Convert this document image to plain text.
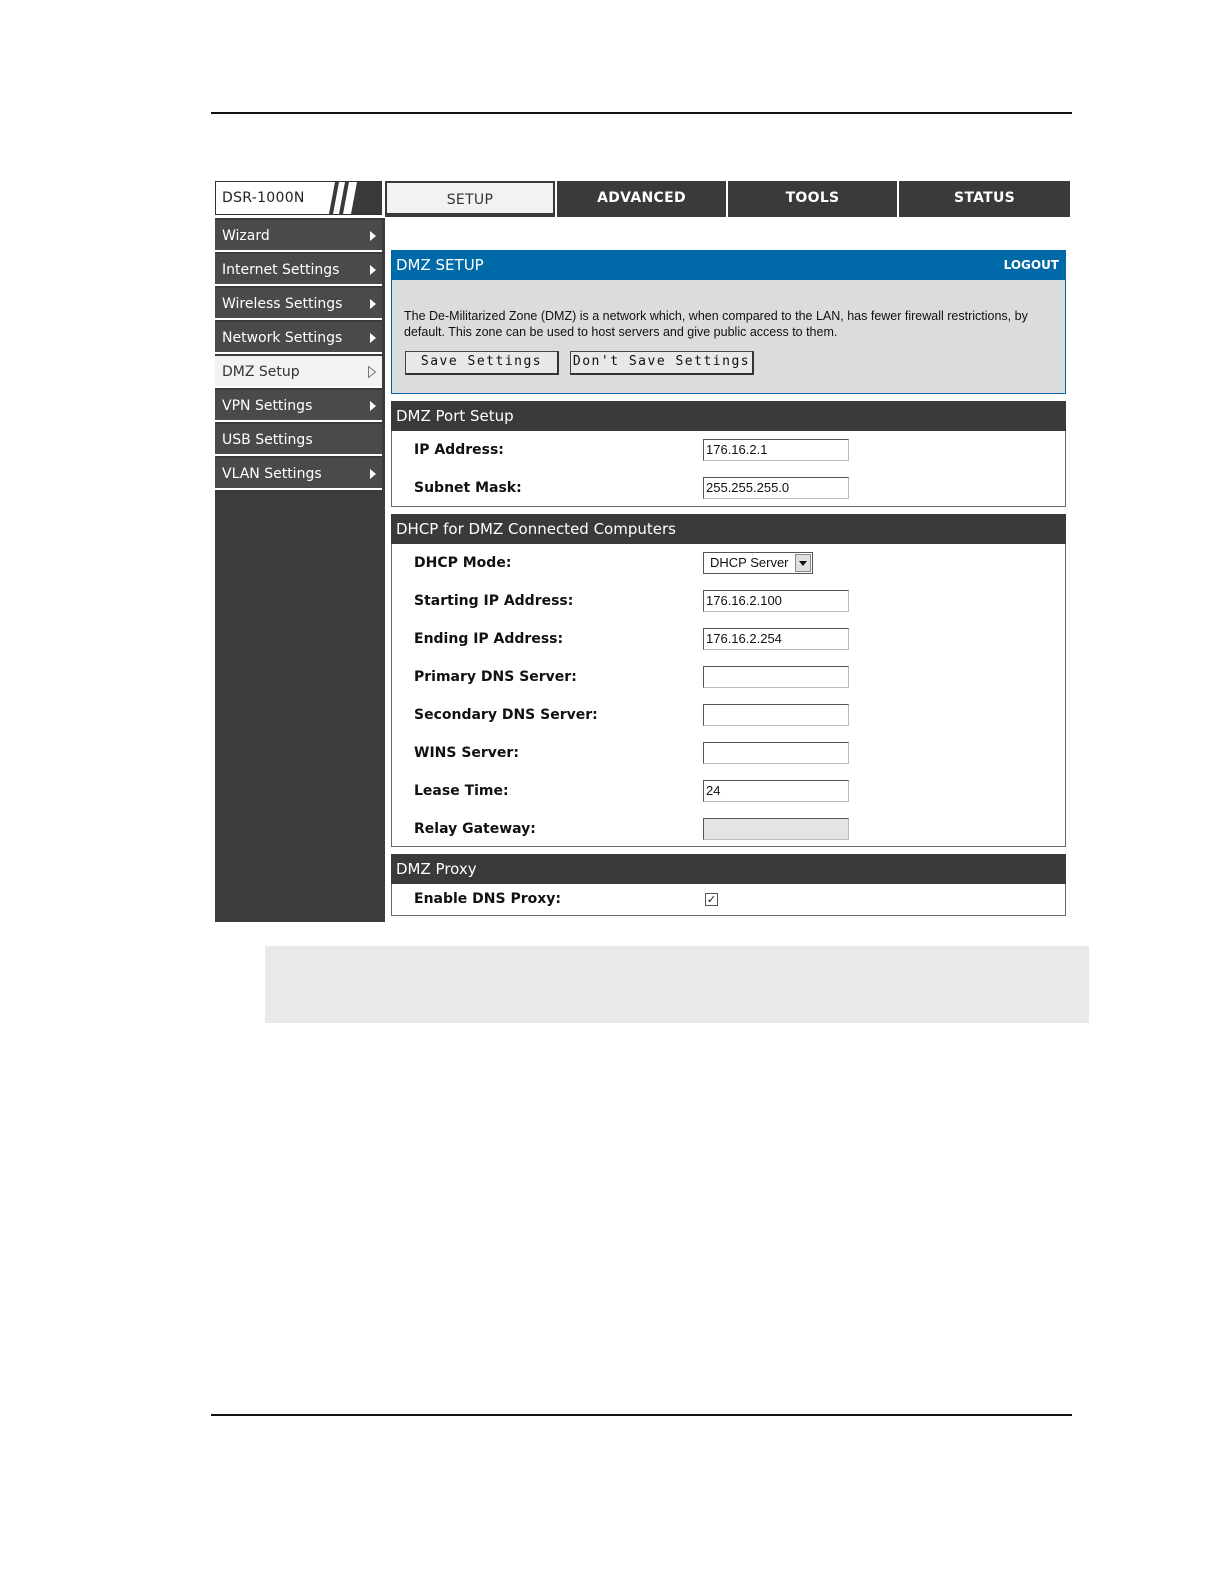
DSR-1000N	SETUP	ADVANCED	TOOLS	STATUS
Wizard
Internet Settings
Wireless Settings
Network Settings
DMZ Setup
VPN Settings
USB Settings
VLAN Settings
DMZ SETUP	LOGOUT
The De-Militarized Zone (DMZ) is a network which, when compared to the LAN, has fewer firewall restrictions, by default. This zone can be used to host servers and give public access to them.
Save Settings	Don't Save Settings
DMZ Port Setup
IP Address:	176.16.2.1
Subnet Mask:	255.255.255.0
DHCP for DMZ Connected Computers
DHCP Mode:	DHCP Server
Starting IP Address:	176.16.2.100
Ending IP Address:	176.16.2.254
Primary DNS Server:
Secondary DNS Server:
WINS Server:
Lease Time:	24
Relay Gateway:
DMZ Proxy
Enable DNS Proxy:	✓
